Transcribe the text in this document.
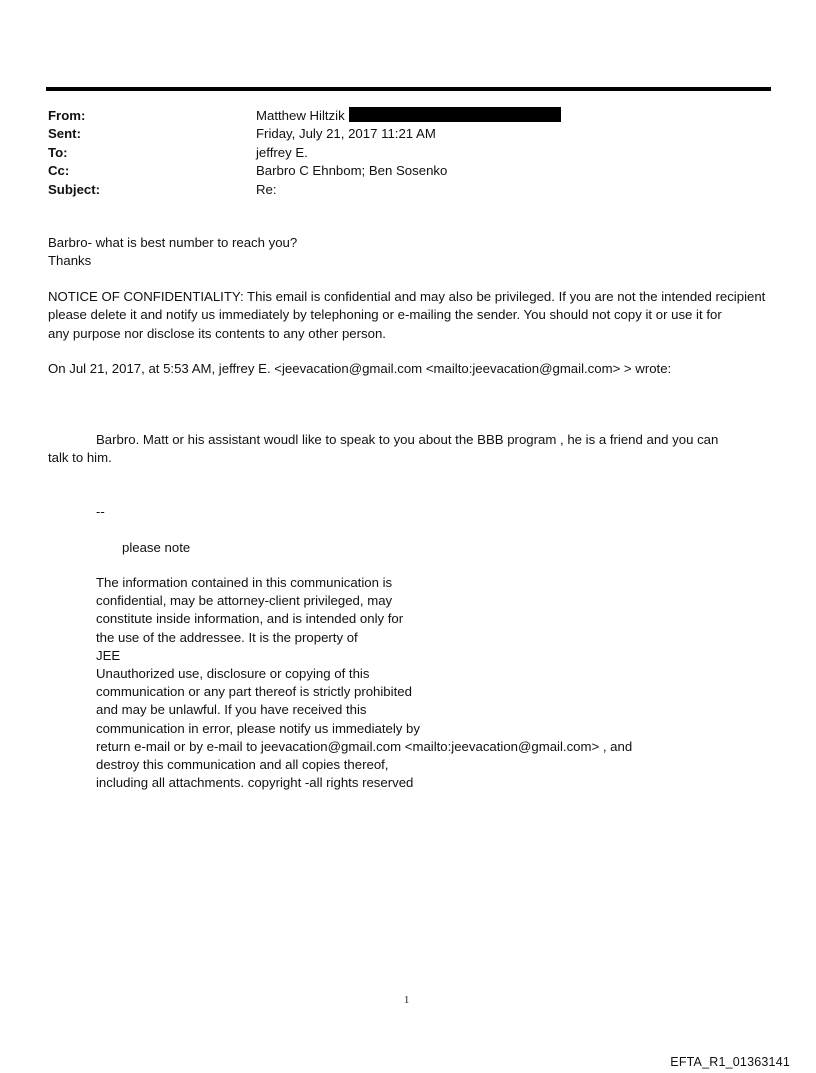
From:	Matthew Hiltzik
Sent:	Friday, July 21, 2017 11:21 AM
To:	jeffrey E.
Cc:	Barbro C Ehnbom; Ben Sosenko
Subject:	Re:
Barbro- what is best number to reach you?
Thanks
NOTICE OF CONFIDENTIALITY: This email is confidential and may also be privileged. If you are not the intended recipient
please delete it and notify us immediately by telephoning or e-mailing the sender. You should not copy it or use it for
any purpose nor disclose its contents to any other person.
On Jul 21, 2017, at 5:53 AM, jeffrey E. <jeevacation@gmail.com <mailto:jeevacation@gmail.com> > wrote:
Barbro. Matt or his assistant woudl like to speak to you about the BBB program , he is a friend and you can
talk to him.
--
please note
The information contained in this communication is
confidential, may be attorney-client privileged, may
constitute inside information, and is intended only for
the use of the addressee. It is the property of
JEE
Unauthorized use, disclosure or copying of this
communication or any part thereof is strictly prohibited
and may be unlawful. If you have received this
communication in error, please notify us immediately by
return e-mail or by e-mail to jeevacation@gmail.com <mailto:jeevacation@gmail.com> , and
destroy this communication and all copies thereof,
including all attachments. copyright -all rights reserved
1
EFTA_R1_01363141
